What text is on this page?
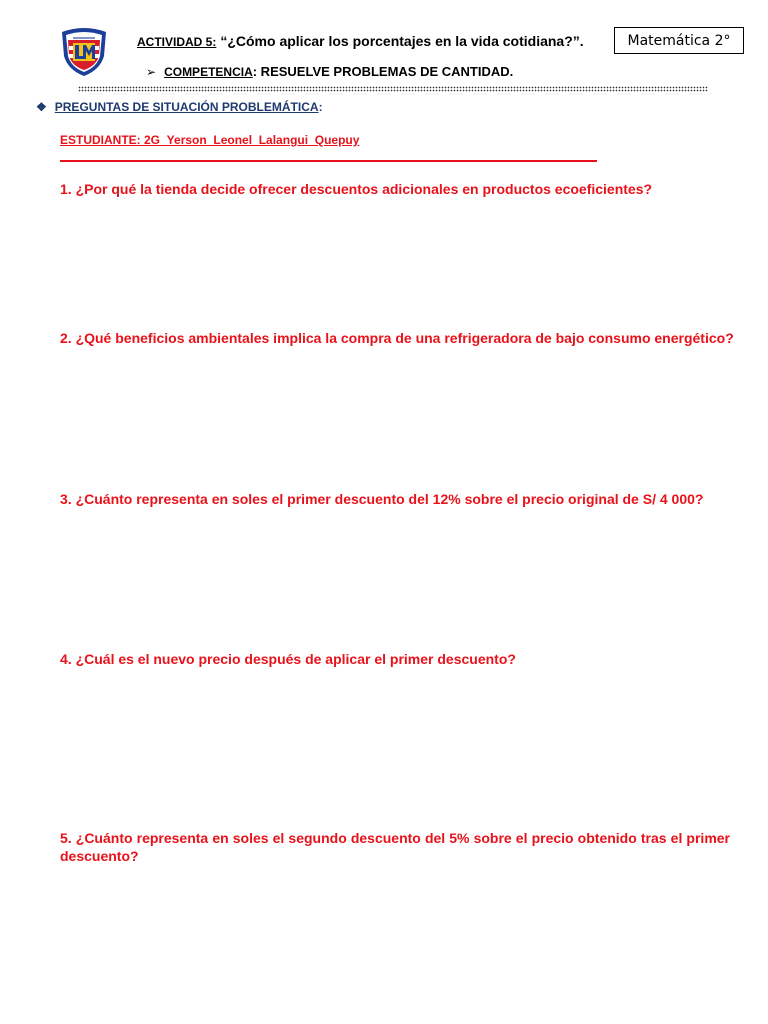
ACTIVIDAD 5: “¿Cómo aplicar los porcentajes en la vida cotidiana?”.	Matemática 2°
➢ COMPETENCIA: RESUELVE PROBLEMAS DE CANTIDAD.
❖ PREGUNTAS DE SITUACIÓN PROBLEMÁTICA:
ESTUDIANTE: 2G_Yerson_Leonel_Lalangui_Quepuy
1. ¿Por qué la tienda decide ofrecer descuentos adicionales en productos ecoeficientes?
2. ¿Qué beneficios ambientales implica la compra de una refrigeradora de bajo consumo energético?
3. ¿Cuánto representa en soles el primer descuento del 12% sobre el precio original de S/ 4 000?
4. ¿Cuál es el nuevo precio después de aplicar el primer descuento?
5. ¿Cuánto representa en soles el segundo descuento del 5% sobre el precio obtenido tras el primer descuento?
